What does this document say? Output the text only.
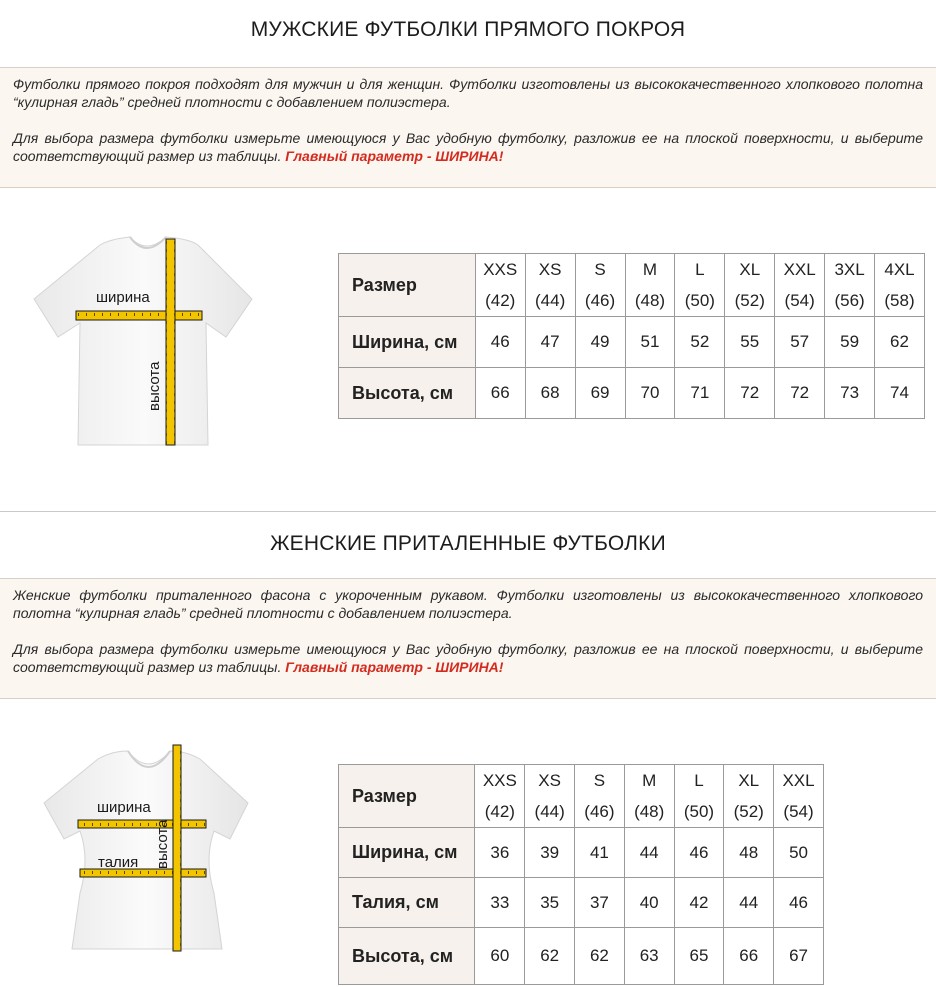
МУЖСКИЕ ФУТБОЛКИ ПРЯМОГО ПОКРОЯ

Футболки прямого покроя подходят для мужчин и для женщин. Футболки изготовлены из высококачественного хлопкового полотна “кулирная гладь” средней плотности с добавлением полиэстера.

Для выбора размера футболки измерьте имеющуюся у Вас удобную футболку, разложив ее на плоской поверхности, и выберите соответствующий размер из таблицы. Главный параметр - ШИРИНА!

ширина
высота
Размер	XXS	XS	S	M	L	XL	XXL	3XL	4XL
	(42)	(44)	(46)	(48)	(50)	(52)	(54)	(56)	(58)
Ширина, см	46	47	49	51	52	55	57	59	62
Высота, см	66	68	69	70	71	72	72	73	74
ЖЕНСКИЕ ПРИТАЛЕННЫЕ ФУТБОЛКИ

Женские футболки приталенного фасона с укороченным рукавом. Футболки изготовлены из высококачественного хлопкового полотна “кулирная гладь” средней плотности с добавлением полиэстера.

Для выбора размера футболки измерьте имеющуюся у Вас удобную футболку, разложив ее на плоской поверхности, и выберите соответствующий размер из таблицы. Главный параметр - ШИРИНА!

ширина
талия высота
Размер	XXS	XS	S	M	L	XL	XXL
	(42)	(44)	(46)	(48)	(50)	(52)	(54)
Ширина, см	36	39	41	44	46	48	50
Талия, см	33	35	37	40	42	44	46
Высота, см	60	62	62	63	65	66	67
